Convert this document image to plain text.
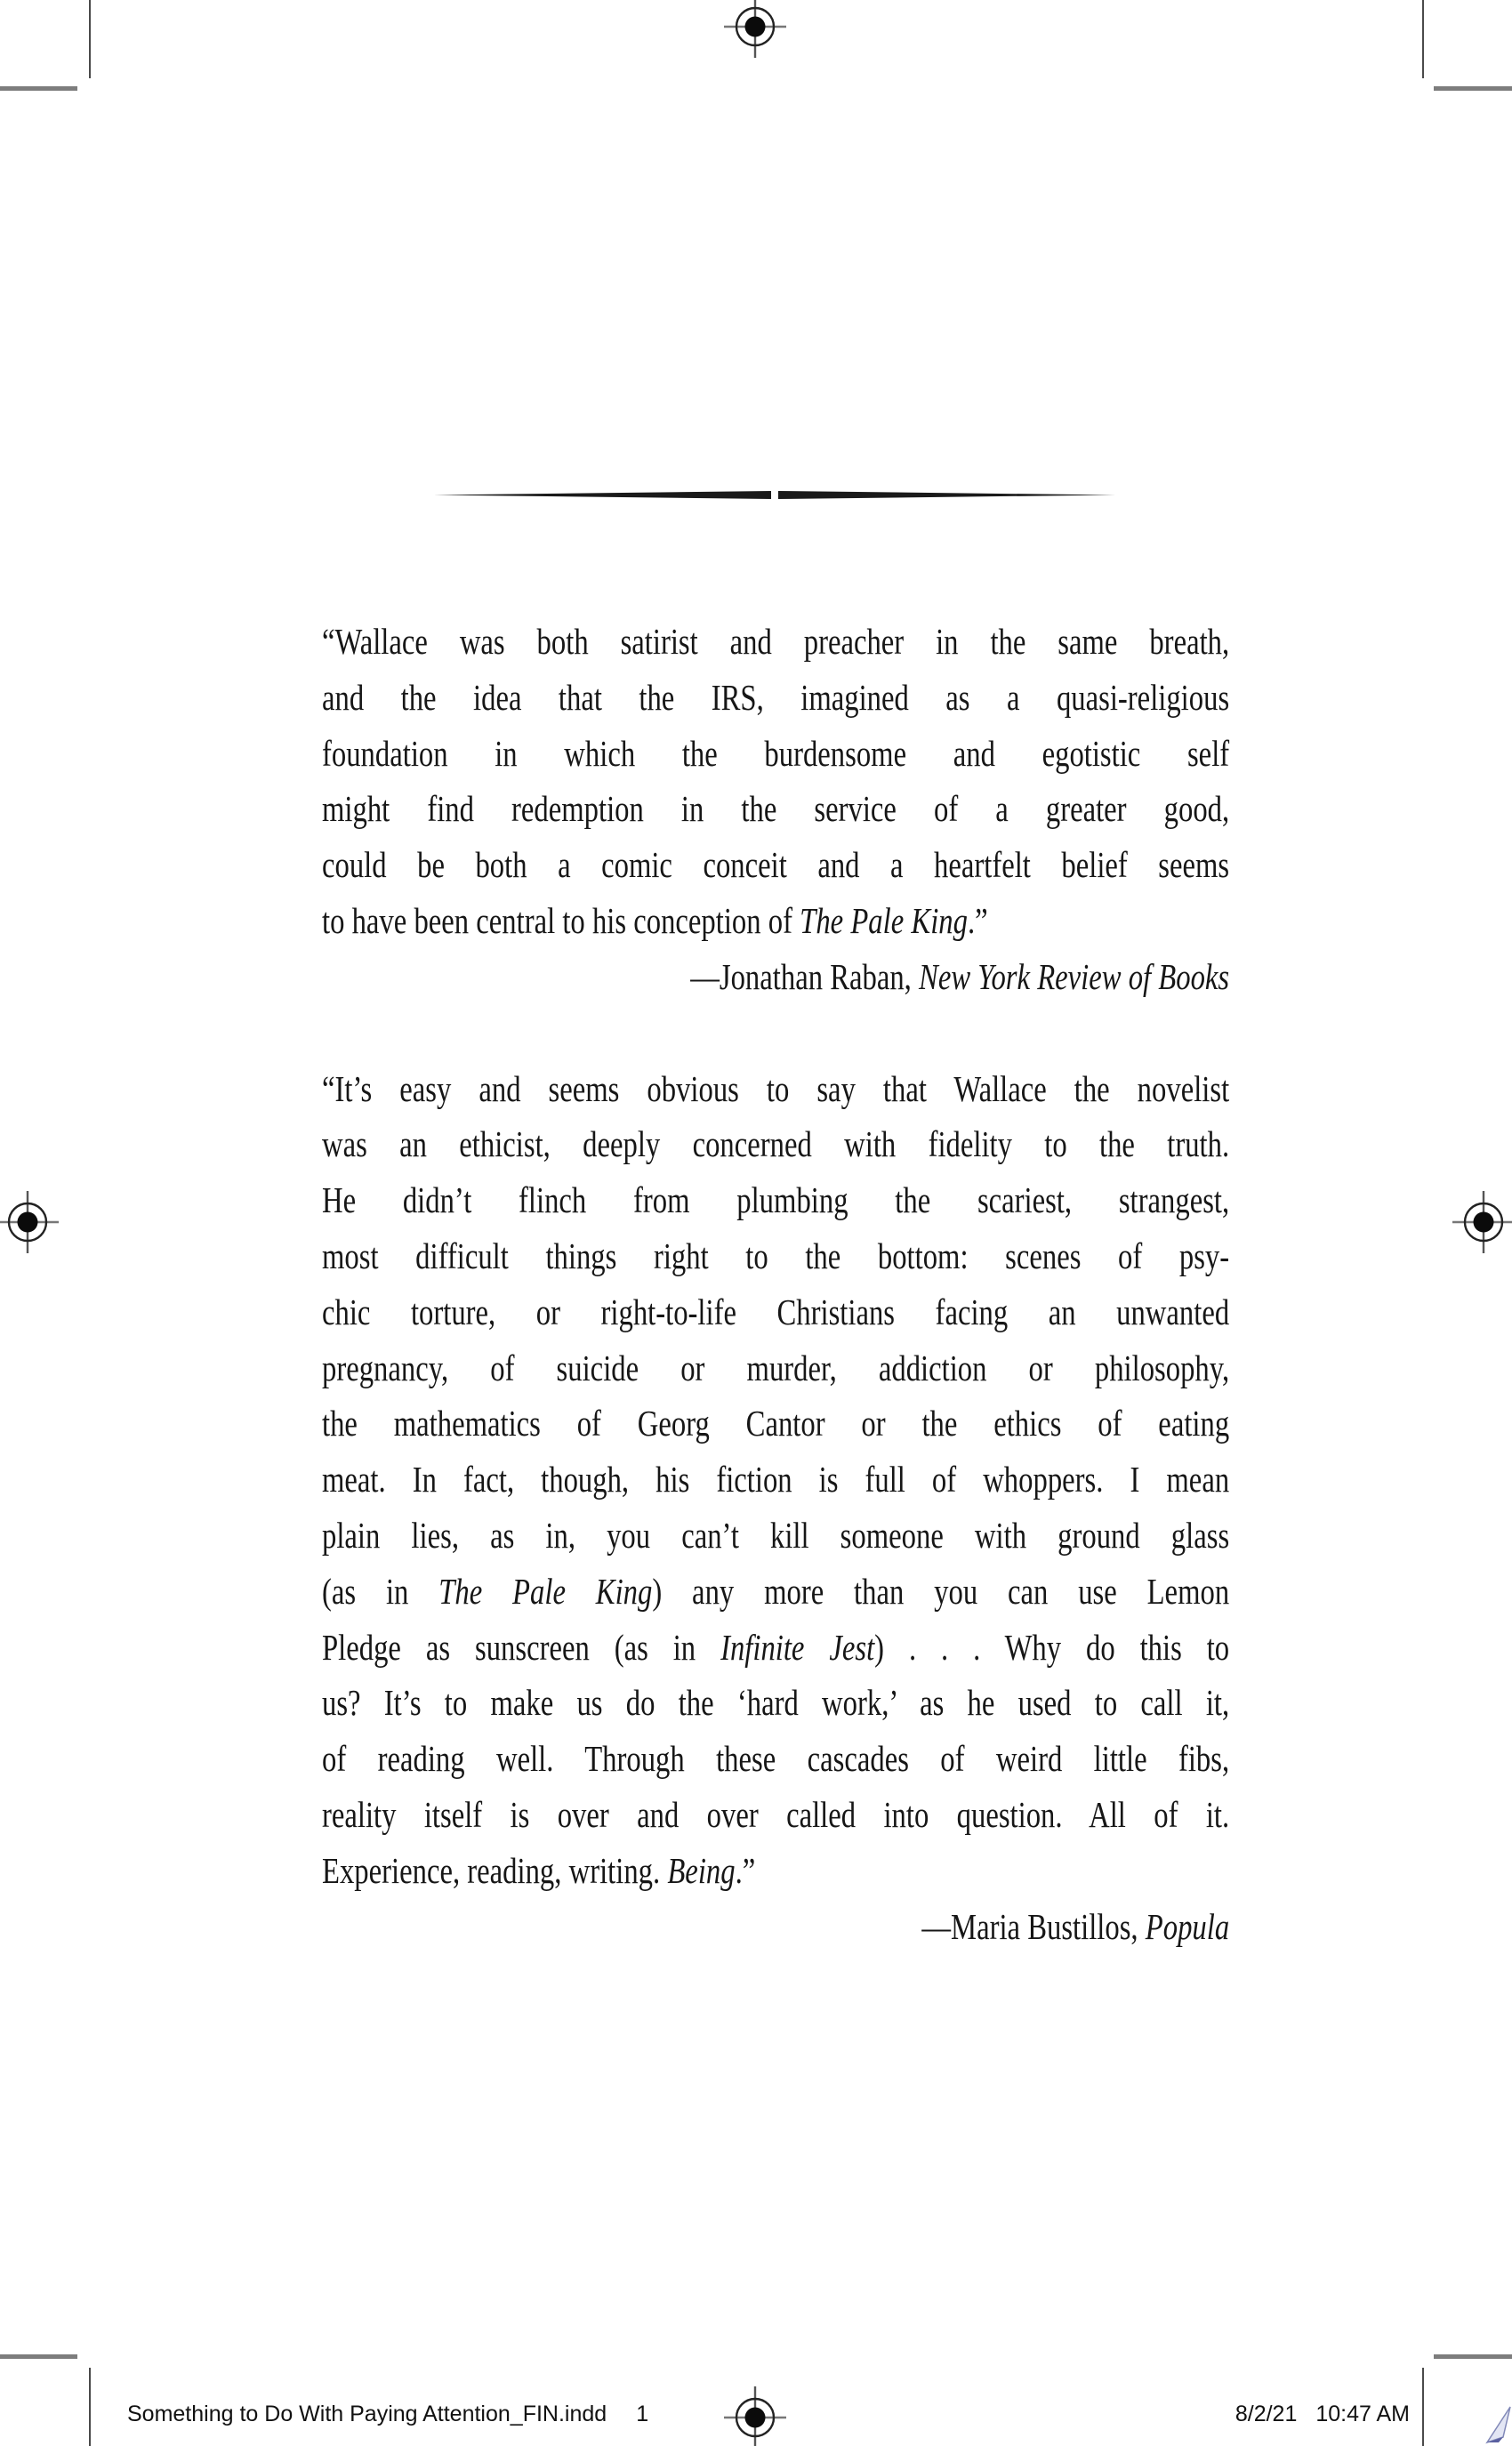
“Wallace was both satirist and preacher in the same breath,
and the idea that the IRS, imagined as a quasi-religious
foundation in which the burdensome and egotistic self
might find redemption in the service of a greater good,
could be both a comic conceit and a heartfelt belief seems
to have been central to his conception of The Pale King.”
—Jonathan Raban, New York Review of Books
“It’s easy and seems obvious to say that Wallace the novelist
was an ethicist, deeply concerned with fidelity to the truth.
He didn’t flinch from plumbing the scariest, strangest,
most difficult things right to the bottom: scenes of psy-
chic torture, or right-to-life Christians facing an unwanted
pregnancy, of suicide or murder, addiction or philosophy,
the mathematics of Georg Cantor or the ethics of eating
meat. In fact, though, his fiction is full of whoppers. I mean
plain lies, as in, you can’t kill someone with ground glass
(as in The Pale King) any more than you can use Lemon
Pledge as sunscreen (as in Infinite Jest) . . . Why do this to
us? It’s to make us do the ‘hard work,’ as he used to call it,
of reading well. Through these cascades of weird little fibs,
reality itself is over and over called into question. All of it.
Experience, reading, writing. Being.”
—Maria Bustillos, Popula
Something to Do With Paying Attention_FIN.indd 1	8/2/21 10:47 AM
